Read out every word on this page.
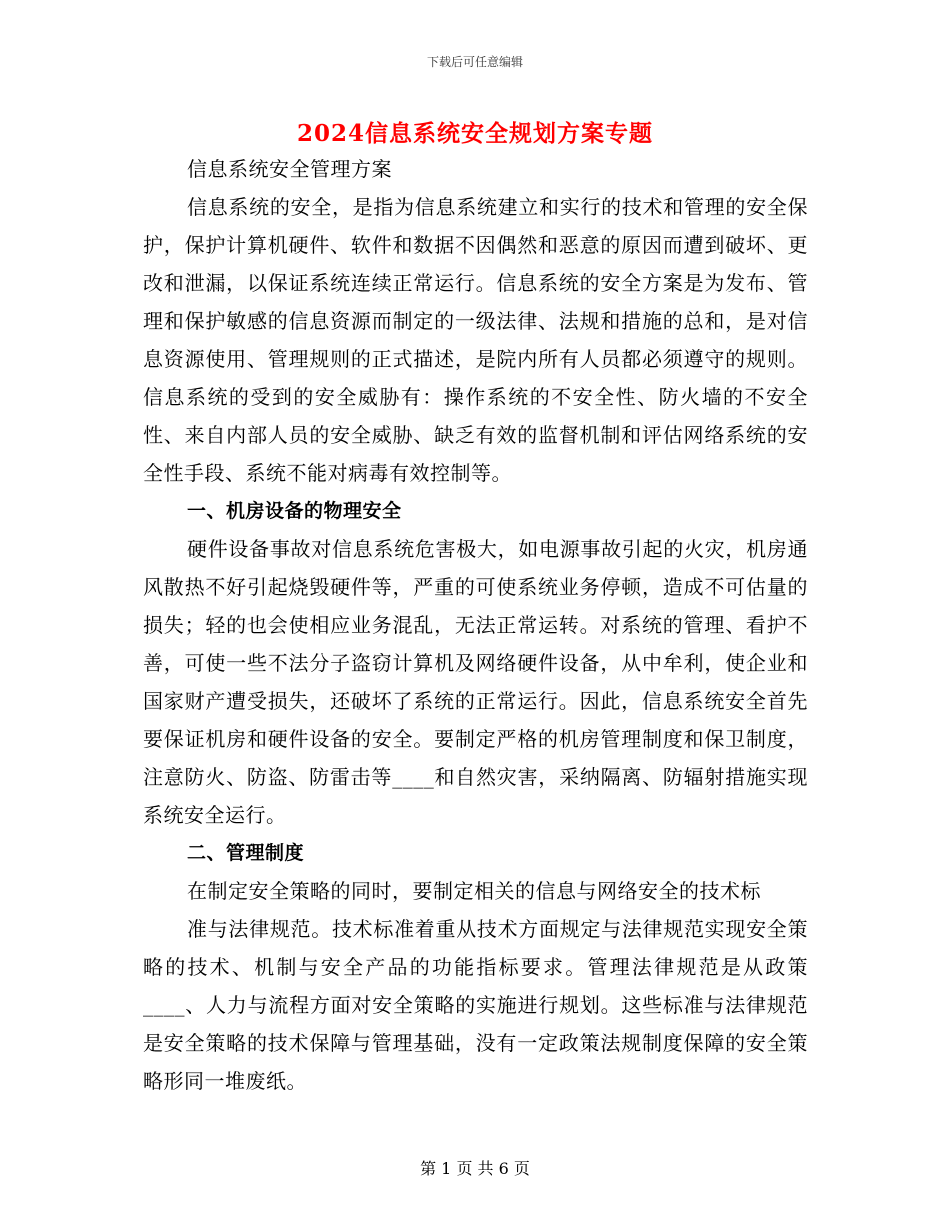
下载后可任意编辑
2024信息系统安全规划方案专题

信息系统安全管理方案

信息系统的安全，是指为信息系统建立和实行的技术和管理的安全保护，保护计算机硬件、软件和数据不因偶然和恶意的原因而遭到破坏、更改和泄漏，以保证系统连续正常运行。信息系统的安全方案是为发布、管理和保护敏感的信息资源而制定的一级法律、法规和措施的总和，是对信息资源使用、管理规则的正式描述，是院内所有人员都必须遵守的规则。信息系统的受到的安全威胁有：操作系统的不安全性、防火墙的不安全性、来自内部人员的安全威胁、缺乏有效的监督机制和评估网络系统的安全性手段、系统不能对病毒有效控制等。

一、机房设备的物理安全

硬件设备事故对信息系统危害极大，如电源事故引起的火灾，机房通风散热不好引起烧毁硬件等，严重的可使系统业务停顿，造成不可估量的损失；轻的也会使相应业务混乱，无法正常运转。对系统的管理、看护不善，可使一些不法分子盗窃计算机及网络硬件设备，从中牟利，使企业和国家财产遭受损失，还破坏了系统的正常运行。因此，信息系统安全首先要保证机房和硬件设备的安全。要制定严格的机房管理制度和保卫制度，注意防火、防盗、防雷击等____和自然灾害，采纳隔离、防辐射措施实现系统安全运行。

二、管理制度

在制定安全策略的同时，要制定相关的信息与网络安全的技术标

准与法律规范。技术标准着重从技术方面规定与法律规范实现安全策略的技术、机制与安全产品的功能指标要求。管理法律规范是从政策____、人力与流程方面对安全策略的实施进行规划。这些标准与法律规范是安全策略的技术保障与管理基础，没有一定政策法规制度保障的安全策略形同一堆废纸。

第 1 页 共 6 页
